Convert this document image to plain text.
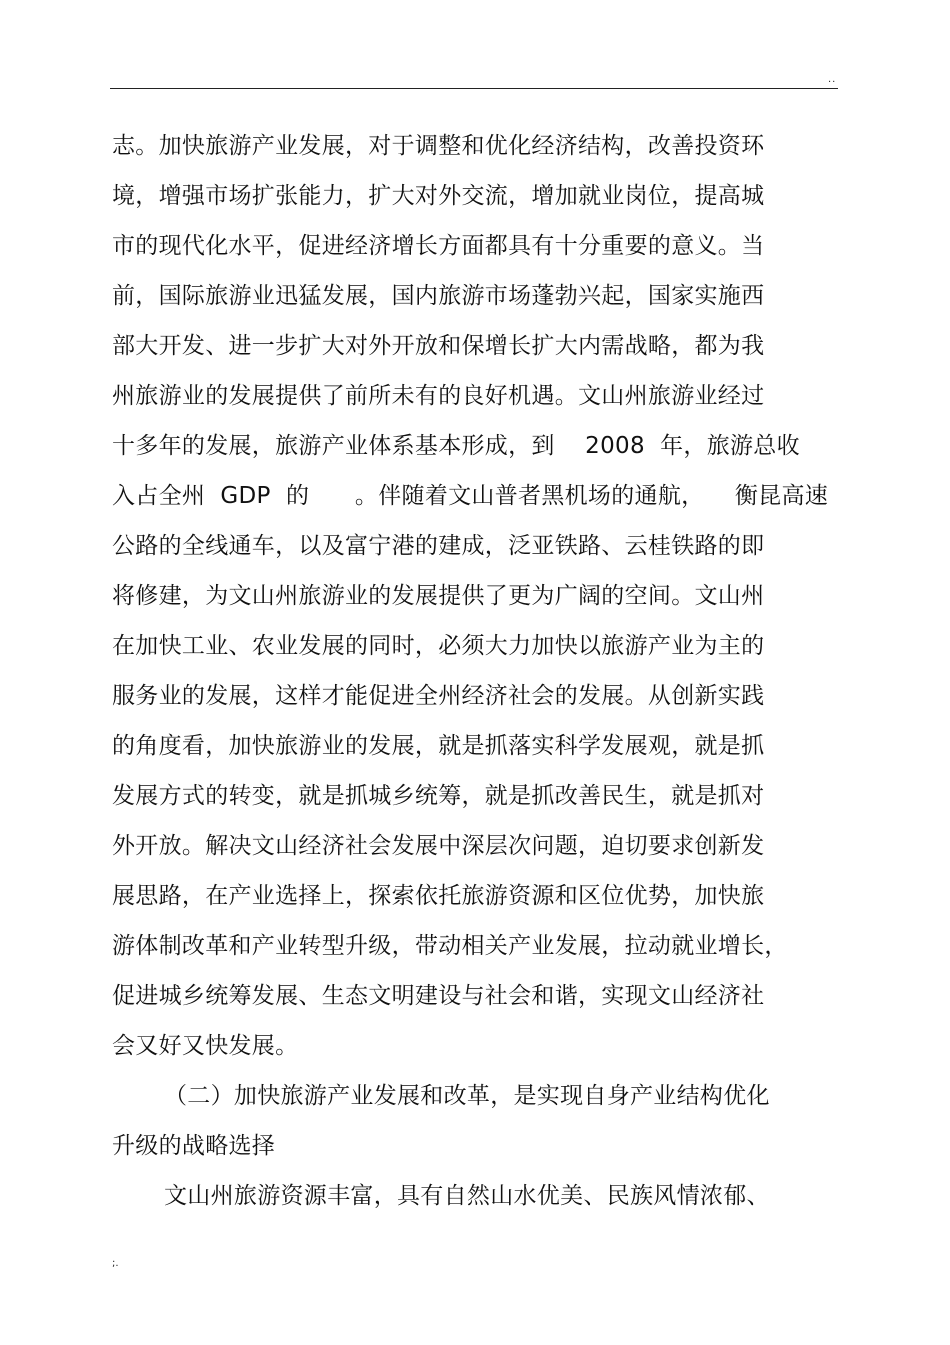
..
志。加快旅游产业发展，对于调整和优化经济结构，改善投资环
境，增强市场扩张能力，扩大对外交流，增加就业岗位，提高城
市的现代化水平，促进经济增长方面都具有十分重要的意义。当
前，国际旅游业迅猛发展，国内旅游市场蓬勃兴起，国家实施西
部大开发、进一步扩大对外开放和保增长扩大内需战略，都为我
州旅游业的发展提供了前所未有的良好机遇。文山州旅游业经过
十多年的发展，旅游产业体系基本形成，到    2008  年，旅游总收
入占全州  GDP  的      。伴随着文山普者黑机场的通航，    衡昆高速
公路的全线通车，以及富宁港的建成，泛亚铁路、云桂铁路的即
将修建，为文山州旅游业的发展提供了更为广阔的空间。文山州
在加快工业、农业发展的同时，必须大力加快以旅游产业为主的
服务业的发展，这样才能促进全州经济社会的发展。从创新实践
的角度看，加快旅游业的发展，就是抓落实科学发展观，就是抓
发展方式的转变，就是抓城乡统筹，就是抓改善民生，就是抓对
外开放。解决文山经济社会发展中深层次问题，迫切要求创新发
展思路，在产业选择上，探索依托旅游资源和区位优势，加快旅
游体制改革和产业转型升级，带动相关产业发展，拉动就业增长，
促进城乡统筹发展、生态文明建设与社会和谐，实现文山经济社
会又好又快发展。
（二）加快旅游产业发展和改革，是实现自身产业结构优化
升级的战略选择
文山州旅游资源丰富，具有自然山水优美、民族风情浓郁、
;.
